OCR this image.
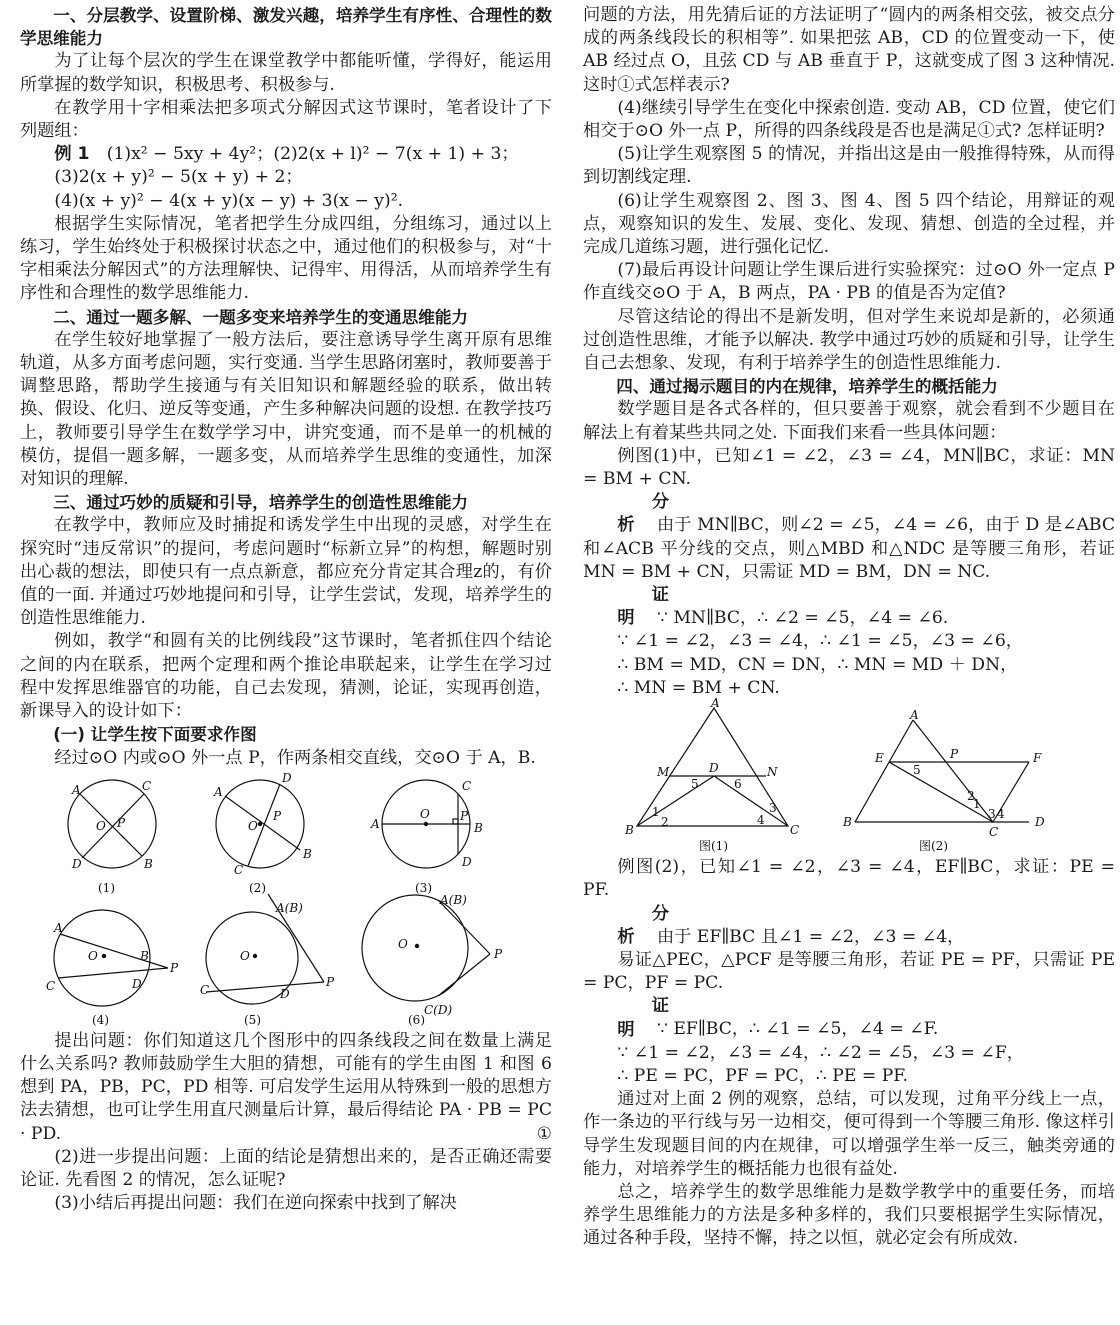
一、分层教学、设置阶梯、激发兴趣，培养学生有序性、合理性的数学思维能力

为了让每个层次的学生在课堂教学中都能听懂，学得好，能运用所掌握的数学知识，积极思考、积极参与.

在教学用十字相乘法把多项式分解因式这节课时，笔者设计了下列题组：

例 1　 (1)x² − 5xy + 4y²；(2)2(x + l)² − 7(x + 1) + 3；

(3)2(x + y)² − 5(x + y) + 2；

(4)(x + y)² − 4(x + y)(x − y) + 3(x − y)².

根据学生实际情况，笔者把学生分成四组，分组练习，通过以上练习，学生始终处于积极探讨状态之中，通过他们的积极参与，对“十字相乘法分解因式”的方法理解快、记得牢、用得活，从而培养学生有序性和合理性的数学思维能力.

二、通过一题多解、一题多变来培养学生的变通思维能力

在学生较好地掌握了一般方法后，要注意诱导学生离开原有思维轨道，从多方面考虑问题，实行变通. 当学生思路闭塞时，教师要善于调整思路，帮助学生接通与有关旧知识和解题经验的联系，做出转换、假设、化归、逆反等变通，产生多种解决问题的设想. 在教学技巧上，教师要引导学生在数学学习中，讲究变通，而不是单一的机械的模仿，提倡一题多解，一题多变，从而培养学生思维的变通性，加深对知识的理解.

三、通过巧妙的质疑和引导，培养学生的创造性思维能力

在教学中，教师应及时捕捉和诱发学生中出现的灵感，对学生在探究时“违反常识”的提问，考虑问题时“标新立异”的构想，解题时别出心裁的想法，即使只有一点点新意，都应充分肯定其合理z的，有价值的一面. 并通过巧妙地提问和引导，让学生尝试，发现，培养学生的创造性思维能力.

例如，教学“和圆有关的比例线段”这节课时，笔者抓住四个结论之间的内在联系，把两个定理和两个推论串联起来，让学生在学习过程中发挥思维器官的功能，自己去发现，猜测，论证，实现再创造，新课导入的设计如下：

(一) 让学生按下面要求作图

经过⊙O 内或⊙O 外一点 P，作两条相交直线，交⊙O 于 A，B.

A	C
O P
D	B
(1)
A
D
O
P
C
B
(2)
A
O
C
P
B
D
(3)
A
O	B
P
C	D
(4)
A(B)
O
P
C	D
(5)
A(B)
O
P
C(D)
(6)

提出问题：你们知道这几个图形中的四条线段之间在数量上满足什么关系吗? 教师鼓励学生大胆的猜想，可能有的学生由图 1 和图 6 想到 PA，PB，PC，PD 相等. 可启发学生运用从特殊到一般的思想方法去猜想，也可让学生用直尺测量后计算，最后得结论 PA · PB = PC · PD.	①

(2)进一步提出问题：上面的结论是猜想出来的，是否正确还需要论证. 先看图 2 的情况，怎么证呢?

(3)小结后再提出问题：我们在逆向探索中找到了解决

问题的方法，用先猜后证的方法证明了“圆内的两条相交弦，被交点分成的两条线段长的积相等”. 如果把弦 AB，CD 的位置变动一下，使 AB 经过点 O，且弦 CD 与 AB 垂直于 P，这就变成了图 3 这种情况. 这时①式怎样表示?

(4)继续引导学生在变化中探索创造. 变动 AB，CD 位置，使它们相交于⊙O 外一点 P，所得的四条线段是否也是满足①式? 怎样证明?

(5)让学生观察图 5 的情况，并指出这是由一般推得特殊，从而得到切割线定理.

(6)让学生观察图 2、图 3、图 4、图 5 四个结论，用辩证的观点，观察知识的发生、发展、变化、发现、猜想、创造的全过程，并完成几道练习题，进行强化记忆.

(7)最后再设计问题让学生课后进行实验探究：过⊙O 外一定点 P 作直线交⊙O 于 A，B 两点，PA · PB 的值是否为定值?

尽管这结论的得出不是新发明，但对学生来说却是新的，必须通过创造性思维，才能予以解决. 教学中通过巧妙的质疑和引导，让学生自己去想象、发现，有利于培养学生的创造性思维能力.

四、通过揭示题目的内在规律，培养学生的概括能力

数学题目是各式各样的，但只要善于观察，就会看到不少题目在解法上有着某些共同之处. 下面我们来看一些具体问题：

例图(1)中，已知∠1 = ∠2，∠3 = ∠4，MN∥BC，求证：MN = BM + CN.

分析 由于 MN∥BC，则∠2 = ∠5，∠4 = ∠6，由于 D 是∠ABC 和∠ACB 平分线的交点，则△MBD 和△NDC 是等腰三角形，若证 MN = BM + CN，只需证 MD = BM，DN = NC.

证明 ∵ MN∥BC，∴ ∠2 = ∠5，∠4 = ∠6.

∵ ∠1 = ∠2，∠3 = ∠4，∴ ∠1 = ∠5，∠3 = ∠6，

∴ BM = MD，CN = DN，∴ MN = MD ＋ DN，

∴ MN = BM + CN.

A
M	D	N
B	C
1
2
3
4
5	6
图(1)
A
E	P	F
B
C
D
1
2
3 4
5
图(2)

例图(2)，已知∠1 = ∠2，∠3 = ∠4，EF∥BC，求证：PE = PF.

分析 由于 EF∥BC 且∠1 = ∠2，∠3 = ∠4，

易证△PEC，△PCF 是等腰三角形，若证 PE = PF，只需证 PE = PC，PF = PC.

证明 ∵ EF∥BC，∴ ∠1 = ∠5，∠4 = ∠F.

∵ ∠1 = ∠2，∠3 = ∠4，∴ ∠2 = ∠5，∠3 = ∠F，

∴ PE = PC，PF = PC，∴ PE = PF.

通过对上面 2 例的观察，总结，可以发现，过角平分线上一点，作一条边的平行线与另一边相交，便可得到一个等腰三角形. 像这样引导学生发现题目间的内在规律，可以增强学生举一反三，触类旁通的能力，对培养学生的概括能力也很有益处.

总之，培养学生的数学思维能力是数学教学中的重要任务，而培养学生思维能力的方法是多种多样的，我们只要根据学生实际情况，通过各种手段，坚持不懈，持之以恒，就必定会有所成效.
